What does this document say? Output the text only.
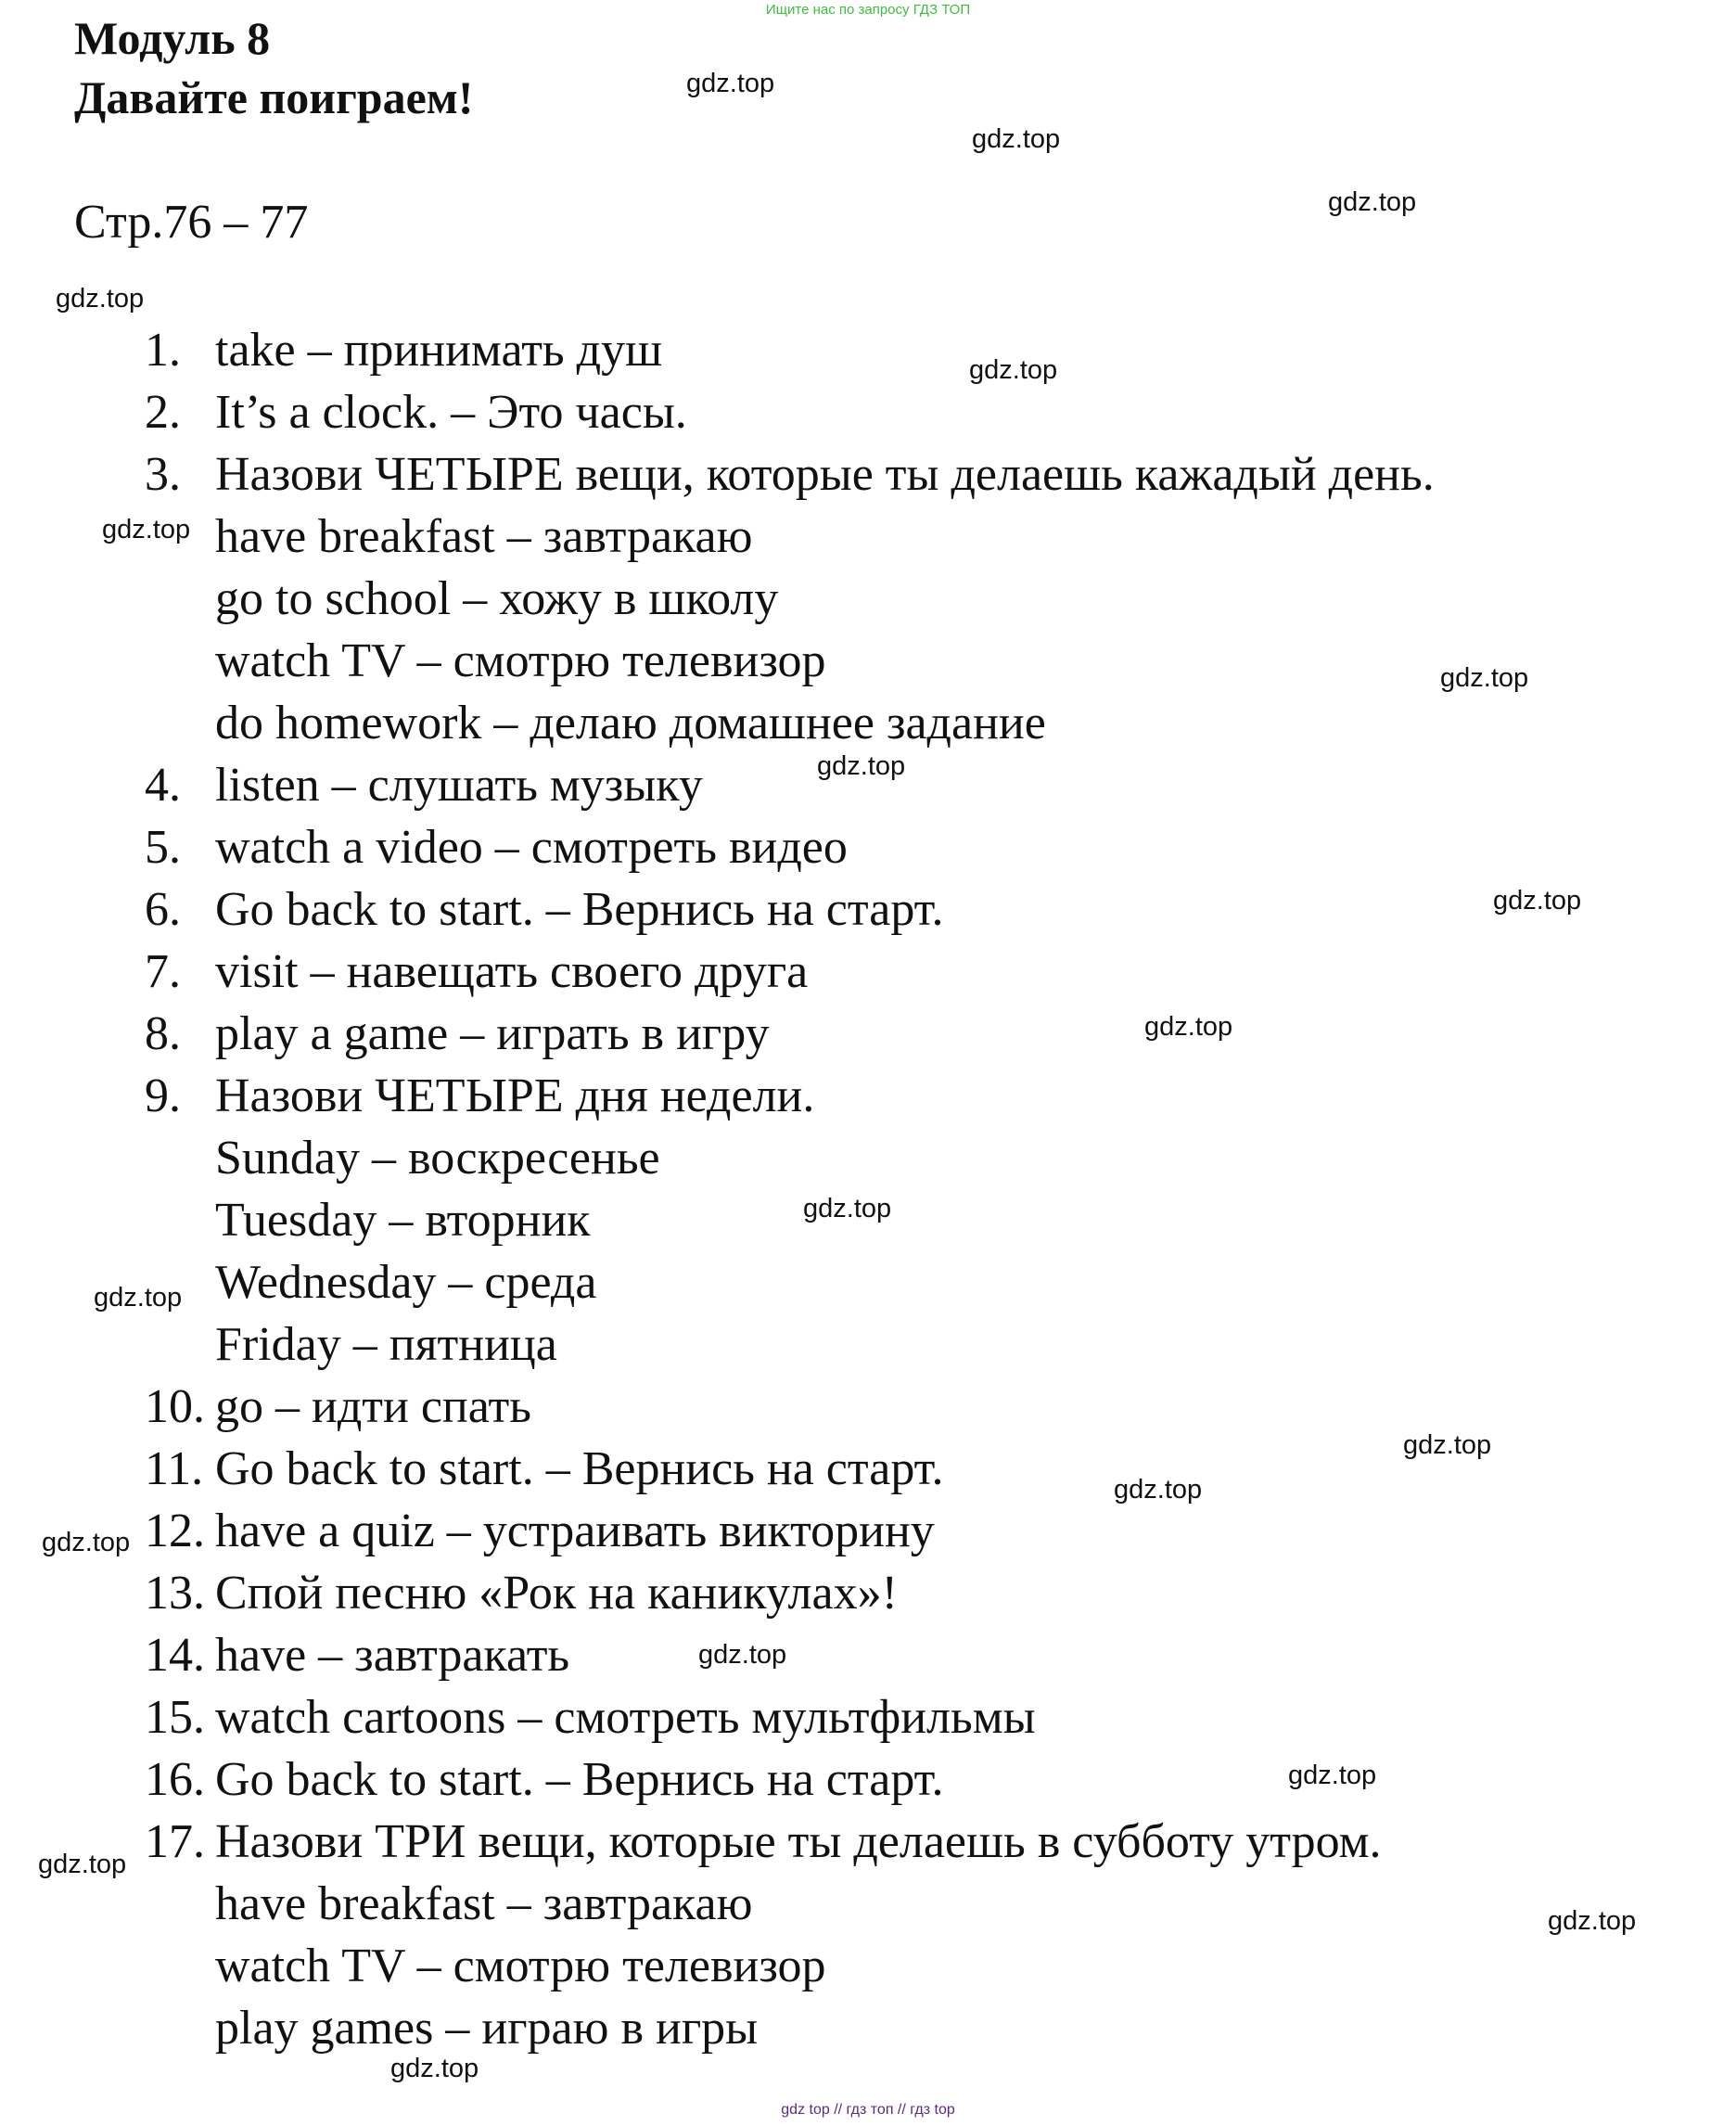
Ищите нас по запросу ГДЗ ТОП
Модуль 8
Давайте поиграем!
Стр.76 – 77
1. take – принимать душ
2. It’s a clock. – Это часы.
3. Назови ЧЕТЫРЕ вещи, которые ты делаешь кажадый день.
have breakfast – завтракаю
go to school – хожу в школу
watch TV – смотрю телевизор
do homework – делаю домашнее задание
4. listen – слушать музыку
5. watch a video – смотреть видео
6. Go back to start. – Вернись на старт.
7. visit – навещать своего друга
8. play a game – играть в игру
9. Назови ЧЕТЫРЕ дня недели.
Sunday – воскресенье
Tuesday – вторник
Wednesday – среда
Friday – пятница
10. go – идти спать
11. Go back to start. – Вернись на старт.
12. have a quiz – устраивать викторину
13. Спой песню «Рок на каникулах»!
14. have – завтракать
15. watch cartoons – смотреть мультфильмы
16. Go back to start. – Вернись на старт.
17. Назови ТРИ вещи, которые ты делаешь в субботу утром.
have breakfast – завтракаю
watch TV – смотрю телевизор
play games – играю в игры
gdz.top
gdz.top
gdz.top
gdz.top
gdz.top
gdz.top
gdz.top
gdz.top
gdz.top
gdz.top
gdz.top
gdz.top
gdz.top
gdz.top
gdz.top
gdz.top
gdz.top
gdz.top
gdz.top
gdz.top
gdz top // гдз топ // гдз top
